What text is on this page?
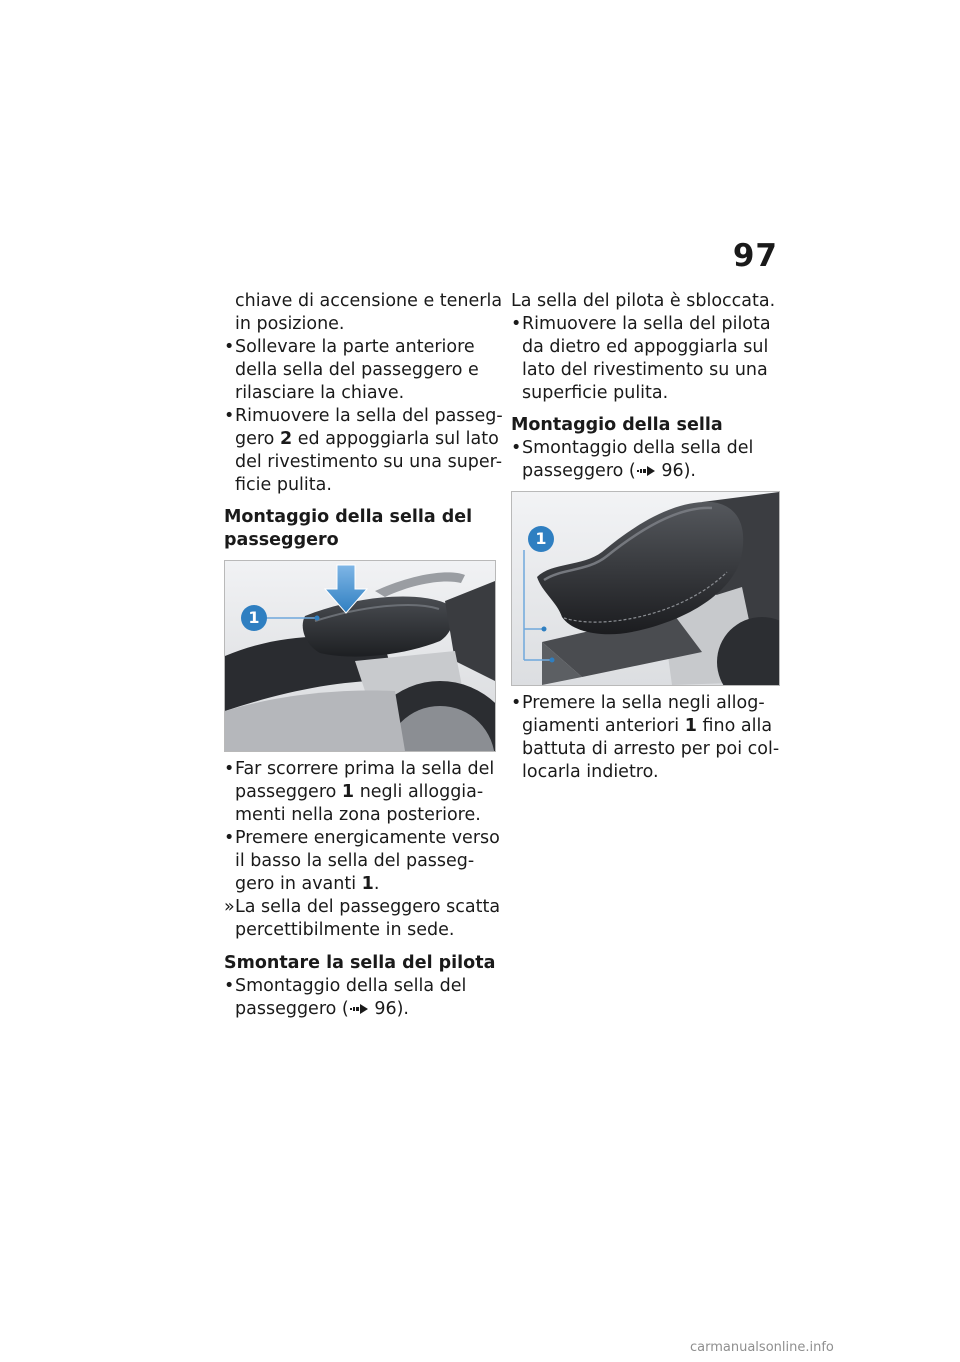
97
chiave di accensione e tenerla
in posizione.
• Sollevare la parte anteriore
della sella del passeggero e
rilasciare la chiave.
• Rimuovere la sella del passeg-
gero 2 ed appoggiarla sul lato
del rivestimento su una super-
ficie pulita.
Montaggio della sella del
passeggero
1
• Far scorrere prima la sella del
passeggero 1 negli alloggia-
menti nella zona posteriore.
• Premere energicamente verso
il basso la sella del passeg-
gero in avanti 1.
» La sella del passeggero scatta
percettibilmente in sede.
Smontare la sella del pilota
• Smontaggio della sella del
passeggero ( 96).
La sella del pilota è sbloccata.
• Rimuovere la sella del pilota
da dietro ed appoggiarla sul
lato del rivestimento su una
superficie pulita.
Montaggio della sella
• Smontaggio della sella del
passeggero ( 96).
1
• Premere la sella negli allog-
giamenti anteriori 1 fino alla
battuta di arresto per poi col-
locarla indietro.
carmanualsonline.info
